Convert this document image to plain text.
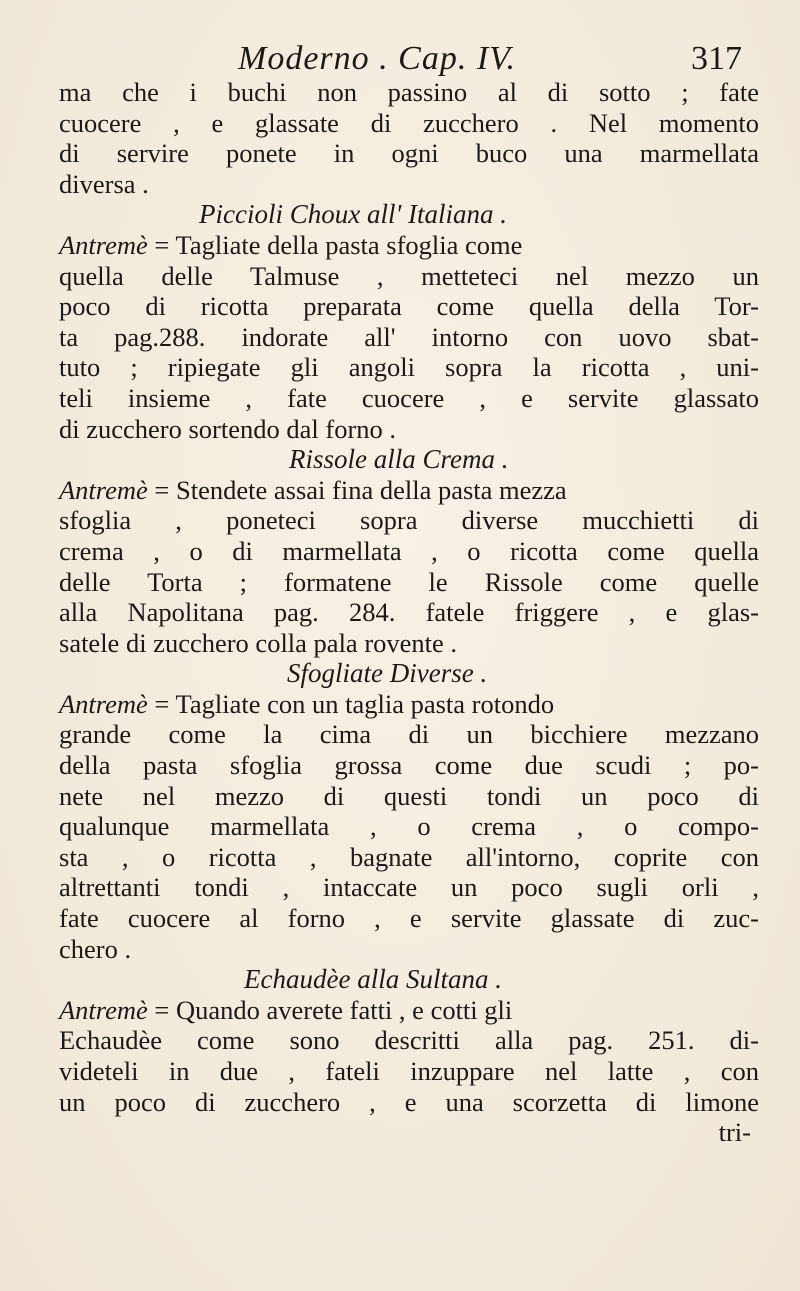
Moderno . Cap. IV.	317
ma che i buchi non passino al di sotto ; fate
cuocere , e glassate di zucchero . Nel momento
di servire ponete in ogni buco una marmellata
diversa .
Piccioli Choux all' Italiana .
Antremè = Tagliate della pasta sfoglia come
quella delle Talmuse , metteteci nel mezzo un
poco di ricotta preparata come quella della Tor-
ta pag.288. indorate all' intorno con uovo sbat-
tuto ; ripiegate gli angoli sopra la ricotta , uni-
teli insieme , fate cuocere , e servite glassato
di zucchero sortendo dal forno .
Rissole alla Crema .
Antremè = Stendete assai fina della pasta mezza
sfoglia , poneteci sopra diverse mucchietti di
crema , o di marmellata , o ricotta come quella
delle Torta ; formatene le Rissole come quelle
alla Napolitana pag. 284. fatele friggere , e glas-
satele di zucchero colla pala rovente .
Sfogliate Diverse .
Antremè = Tagliate con un taglia pasta rotondo
grande come la cima di un bicchiere mezzano
della pasta sfoglia grossa come due scudi ; po-
nete nel mezzo di questi tondi un poco di
qualunque marmellata , o crema , o compo-
sta , o ricotta , bagnate all'intorno, coprite con
altrettanti tondi , intaccate un poco sugli orli ,
fate cuocere al forno , e servite glassate di zuc-
chero .
Echaudèe alla Sultana .
Antremè = Quando averete fatti , e cotti gli
Echaudèe come sono descritti alla pag. 251. di-
videteli in due , fateli inzuppare nel latte , con
un poco di zucchero , e una scorzetta di limone
tri-
